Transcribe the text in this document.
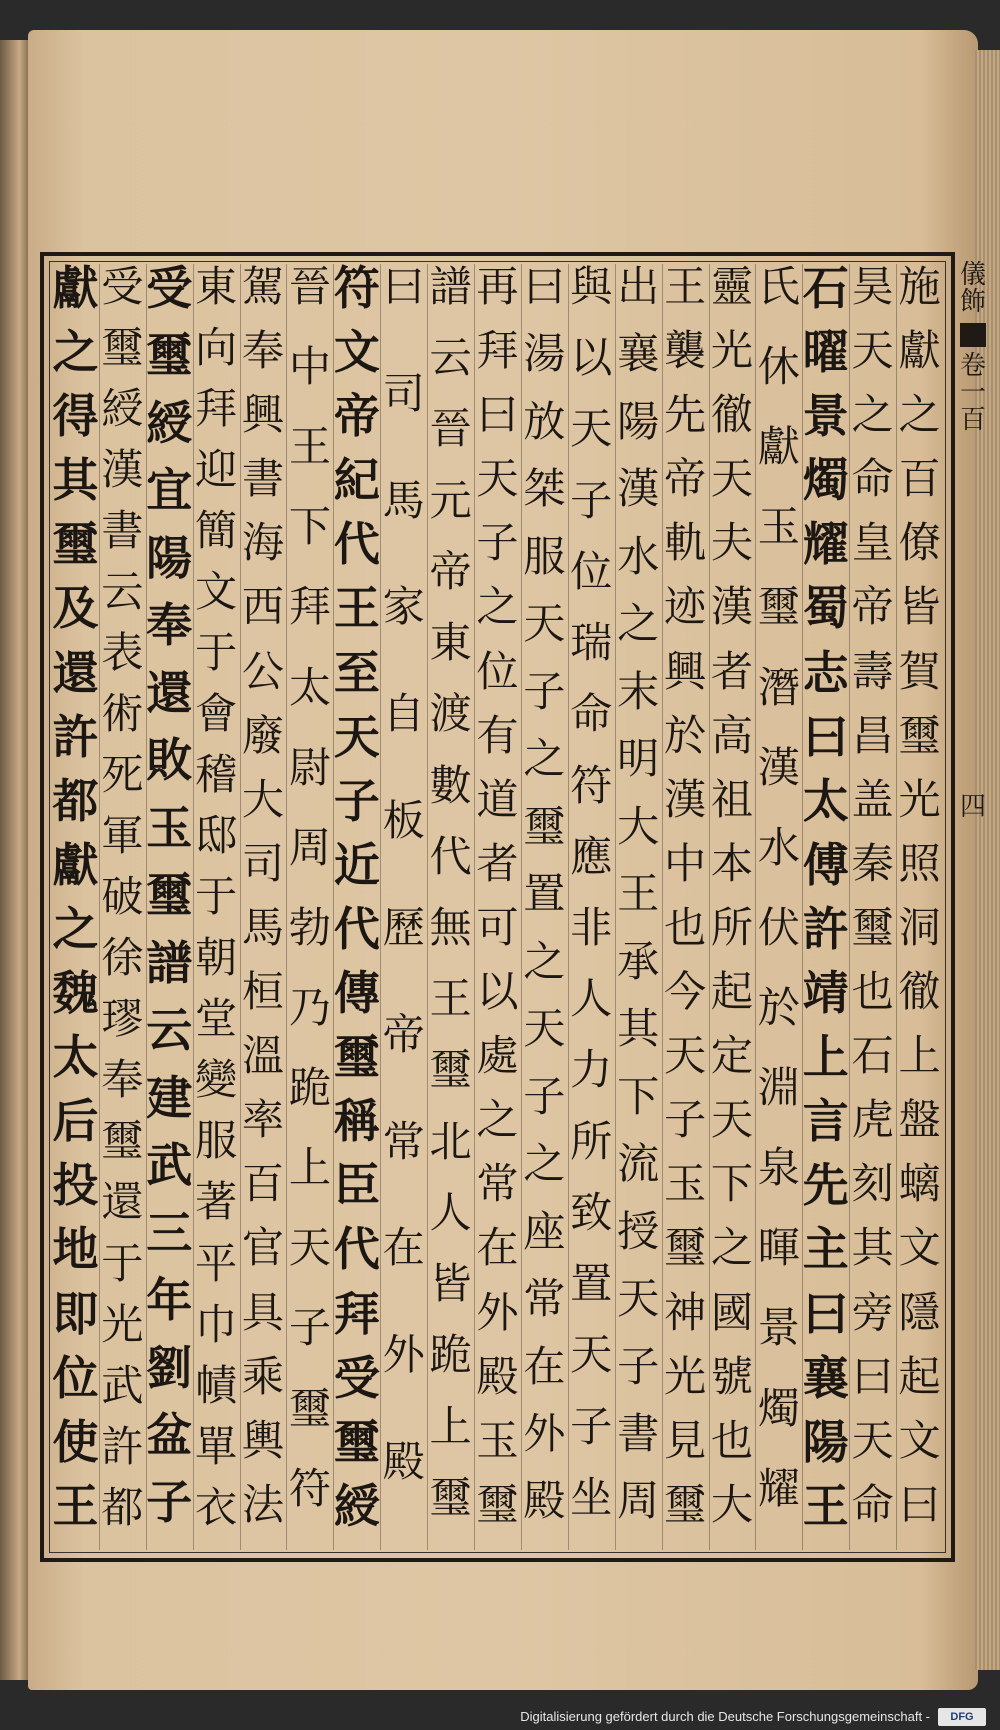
施
獻
之
百
僚
皆
賀
璽
光
照
洞
徹
上
盤
螭
文
隱
起
文
曰
昊
天
之
命
皇
帝
壽
昌
盖
秦
璽
也
石
虎
刻
其
旁
曰
天
命
石
曜
景
燭
耀
蜀
志
曰
太
傅
許
靖
上
言
先
主
曰
襄
陽
王
氏
休
獻
玉
璽
潛
漢
水
伏
於
淵
泉
暉
景
燭
耀
靈
光
徹
天
夫
漢
者
高
祖
本
所
起
定
天
下
之
國
號
也
大
王
襲
先
帝
軌
迹
興
於
漢
中
也
今
天
子
玉
璽
神
光
見
璽
出
襄
陽
漢
水
之
末
明
大
王
承
其
下
流
授
天
子
書
周
與
以
天
子
位
瑞
命
符
應
非
人
力
所
致
置
天
子
坐
曰
湯
放
桀
服
天
子
之
璽
置
之
天
子
之
座
常
在
外
殿
再
拜
曰
天
子
之
位
有
道
者
可
以
處
之
常
在
外
殿
玉
璽
譜
云
晉
元
帝
東
渡
數
代
無
王
璽
北
人
皆
跪
上
璽
曰
司
馬
家
自
板
歷
帝
常
在
外
殿
符
文
帝
紀
代
王
至
天
子
近
代
傳
璽
稱
臣
代
拜
受
璽
綬
晉
中
王
下
拜
太
尉
周
勃
乃
跪
上
天
子
璽
符
駕
奉
興
書
海
西
公
廢
大
司
馬
桓
溫
率
百
官
具
乘
輿
法
東
向
拜
迎
簡
文
于
會
稽
邸
于
朝
堂
變
服
著
平
巾
幘
單
衣
受
璽
綬
宜
陽
奉
還
敗
玉
璽
譜
云
建
武
三
年
劉
盆
子
受
璽
綬
漢
書
云
表
術
死
軍
破
徐
璆
奉
璽
還
于
光
武
許
都
獻
之
得
其
璽
及
還
許
都
獻
之
魏
太
后
投
地
即
位
使
王
儀飾
卷
一百
四
Digitalisierung gefördert durch die Deutsche Forschungsgemeinschaft -	DFG
